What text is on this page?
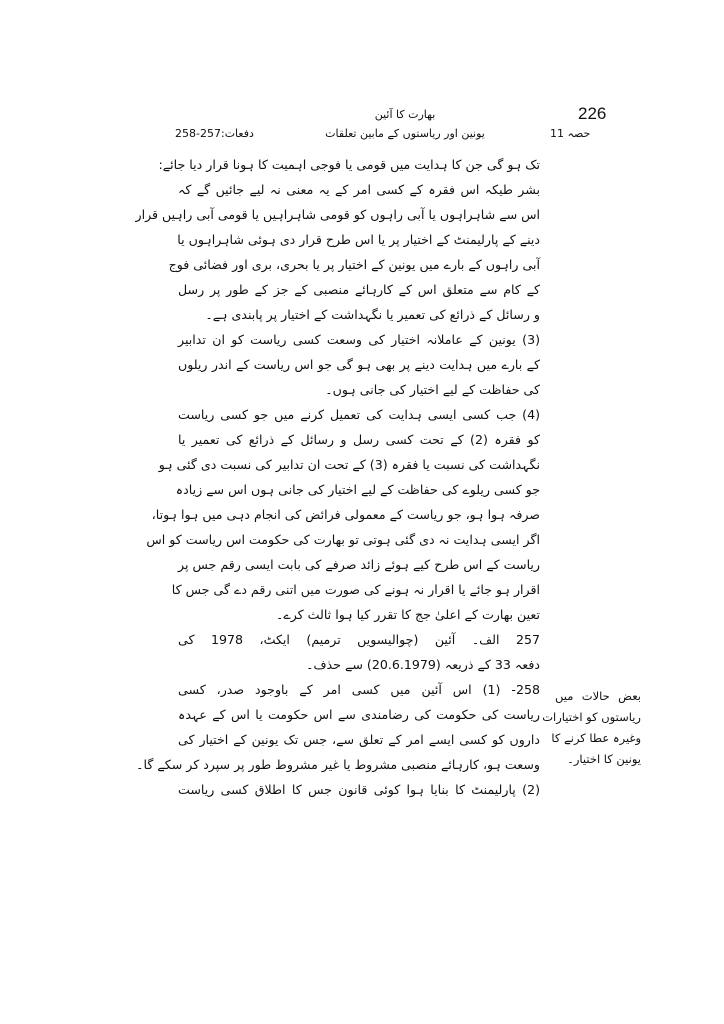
226
بھارت کا آئین
یونین اور ریاستوں کے مابین تعلقات
دفعات:257-258	حصہ 11
تک ہو گی جن کا ہدایت میں قومی یا فوجی اہمیت کا ہونا قرار دیا جائے:
بشر طیکہ اس فقرہ کے کسی امر کے یہ معنی نہ لیے جائیں گے کہ
اس سے شاہراہوں یا آبی راہوں کو قومی شاہراہیں یا قومی آبی راہیں قرار
دینے کے پارلیمنٹ کے اختیار پر یا اس طرح قرار دی ہوئی شاہراہوں یا
آبی راہوں کے بارے میں یونین کے اختیار پر یا بحری، بری اور فضائی فوج
کے کام سے متعلق اس کے کارہائے منصبی کے جز کے طور پر رسل
و رسائل کے ذرائع کی تعمیر یا نگہداشت کے اختیار پر پابندی ہے۔
(3) یونین کے عاملانہ اختیار کی وسعت کسی ریاست کو ان تدابیر
کے بارے میں ہدایت دینے پر بھی ہو گی جو اس ریاست کے اندر ریلوں
کی حفاظت کے لیے اختیار کی جانی ہوں۔
(4) جب کسی ایسی ہدایت کی تعمیل کرنے میں جو کسی ریاست
کو فقرہ (2) کے تحت کسی رسل و رسائل کے ذرائع کی تعمیر یا
نگہداشت کی نسبت یا فقرہ (3) کے تحت ان تدابیر کی نسبت دی گئی ہو
جو کسی ریلوے کی حفاظت کے لیے اختیار کی جانی ہوں اس سے زیادہ
صرفہ ہوا ہو، جو ریاست کے معمولی فرائض کی انجام دہی میں ہوا ہوتا،
اگر ایسی ہدایت نہ دی گئی ہوتی تو بھارت کی حکومت اس ریاست کو اس
ریاست کے اس طرح کیے ہوئے زائد صرفے کی بابت ایسی رقم جس پر
اقرار ہو جائے یا اقرار نہ ہونے کی صورت میں اتنی رقم دے گی جس کا
تعین بھارت کے اعلیٰ جج کا تقرر کیا ہوا ثالث کرے۔
257 الف۔ آئین (چوالیسویں ترمیم) ایکٹ، 1978 کی
دفعہ 33 کے ذریعہ (20.6.1979) سے حذف۔
258- (1) اس آئین میں کسی امر کے باوجود صدر، کسی
ریاست کی حکومت کی رضامندی سے اس حکومت یا اس کے عہدہ
داروں کو کسی ایسے امر کے تعلق سے، جس تک یونین کے اختیار کی
وسعت ہو، کارہائے منصبی مشروط یا غیر مشروط طور پر سپرد کر سکے گا۔
(2) پارلیمنٹ کا بنایا ہوا کوئی قانون جس کا اطلاق کسی ریاست
بعض حالات میں
ریاستوں کو اختیارات
وغیرہ عطا کرنے کا
یونین کا اختیار۔
